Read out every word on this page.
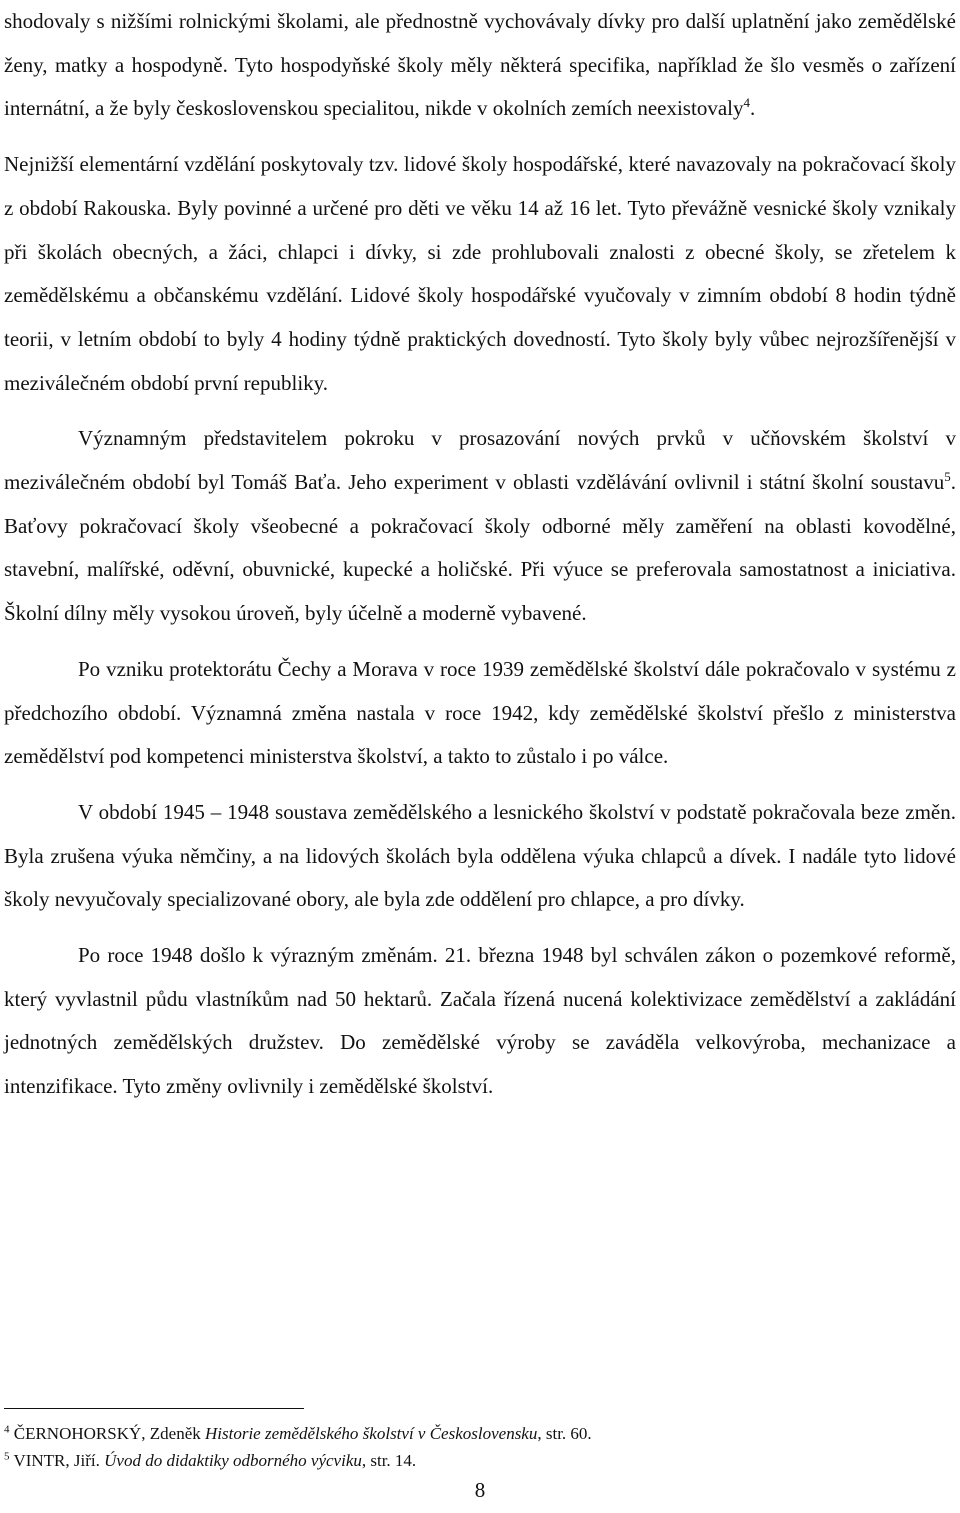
shodovaly s nižšími rolnickými školami, ale přednostně vychovávaly dívky pro další uplatnění jako zemědělské ženy, matky a hospodyně. Tyto hospodyňské školy měly některá specifika, například že šlo vesměs o zařízení internátní, a že byly československou specialitou, nikde v okolních zemích neexistovaly$^4$.

Nejnižší elementární vzdělání poskytovaly tzv. lidové školy hospodářské, které navazovaly na pokračovací školy z období Rakouska. Byly povinné a určené pro děti ve věku 14 až 16 let. Tyto převážně vesnické školy vznikaly při školách obecných, a žáci, chlapci i dívky, si zde prohlubovali znalosti z obecné školy, se zřetelem k zemědělskému a občanskému vzdělání. Lidové školy hospodářské vyučovaly v zimním období 8 hodin týdně teorii, v letním období to byly 4 hodiny týdně praktických dovedností. Tyto školy byly vůbec nejrozšířenější v meziválečném období první republiky.

Významným představitelem pokroku v prosazování nových prvků v učňovském školství v meziválečném období byl Tomáš Baťa. Jeho experiment v oblasti vzdělávání ovlivnil i státní školní soustavu$^5$. Baťovy pokračovací školy všeobecné a pokračovací školy odborné měly zaměření na oblasti kovodělné, stavební, malířské, oděvní, obuvnické, kupecké a holičské. Při výuce se preferovala samostatnost a iniciativa. Školní dílny měly vysokou úroveň, byly účelně a moderně vybavené.

Po vzniku protektorátu Čechy a Morava v roce 1939 zemědělské školství dále pokračovalo v systému z předchozího období. Významná změna nastala v roce 1942, kdy zemědělské školství přešlo z ministerstva zemědělství pod kompetenci ministerstva školství, a takto to zůstalo i po válce.

V období 1945 – 1948 soustava zemědělského a lesnického školství v podstatě pokračovala beze změn. Byla zrušena výuka němčiny, a na lidových školách byla oddělena výuka chlapců a dívek. I nadále tyto lidové školy nevyučovaly specializované obory, ale byla zde oddělení pro chlapce, a pro dívky.

Po roce 1948 došlo k výrazným změnám. 21. března 1948 byl schválen zákon o pozemkové reformě, který vyvlastnil půdu vlastníkům nad 50 hektarů. Začala řízená nucená kolektivizace zemědělství a zakládání jednotných zemědělských družstev. Do zemědělské výroby se zaváděla velkovýroba, mechanizace a intenzifikace. Tyto změny ovlivnily i zemědělské školství.

$^4$ ČERNOHORSKÝ, Zdeněk Historie zemědělského školství v Československu, str. 60.
$^5$ VINTR, Jiří. Úvod do didaktiky odborného výcviku, str. 14.
8
